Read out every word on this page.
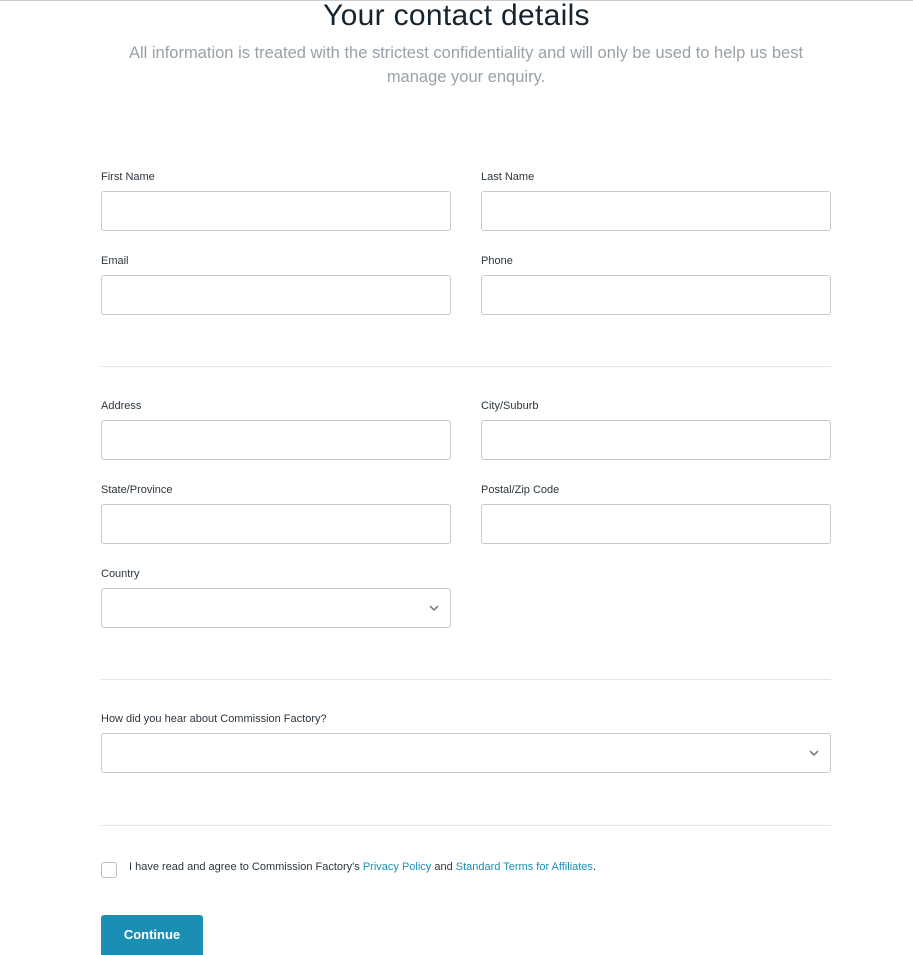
Your contact details
All information is treated with the strictest confidentiality and will only be used to help us best manage your enquiry.
First Name	Last Name
Email	Phone
Address	City/Suburb
State/Province	Postal/Zip Code
Country
How did you hear about Commission Factory?
I have read and agree to Commission Factory's Privacy Policy and Standard Terms for Affiliates.
Continue
